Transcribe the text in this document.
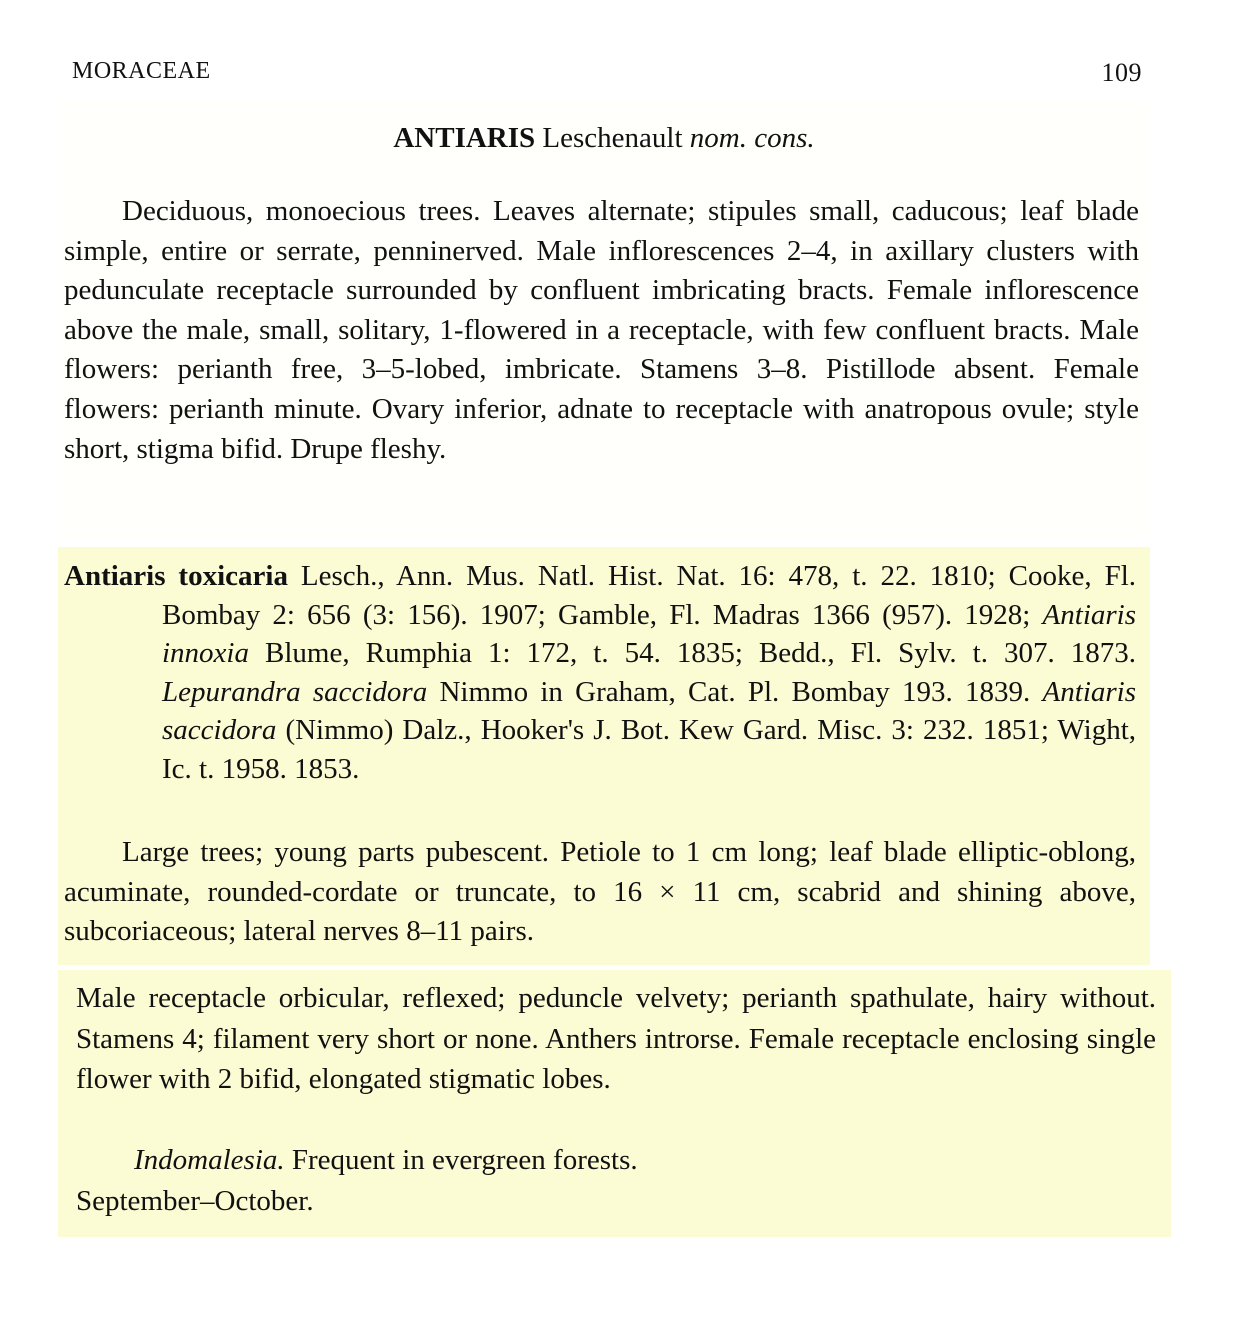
MORACEAE	109
ANTIARIS Leschenault nom. cons.

Deciduous, monoecious trees. Leaves alternate; stipules small, caducous; leaf blade simple, entire or serrate, penninerved. Male inflorescences 2–4, in axillary clusters with pedunculate receptacle surrounded by confluent imbricating bracts. Female inflorescence above the male, small, solitary, 1-flowered in a receptacle, with few confluent bracts. Male flowers: perianth free, 3–5-lobed, imbricate. Stamens 3–8. Pistillode absent. Female flowers: perianth minute. Ovary inferior, adnate to receptacle with anatropous ovule; style short, stigma bifid. Drupe fleshy.

Antiaris toxicaria Lesch., Ann. Mus. Natl. Hist. Nat. 16: 478, t. 22. 1810; Cooke, Fl. Bombay 2: 656 (3: 156). 1907; Gamble, Fl. Madras 1366 (957). 1928; Antiaris innoxia Blume, Rumphia 1: 172, t. 54. 1835; Bedd., Fl. Sylv. t. 307. 1873. Lepurandra saccidora Nimmo in Graham, Cat. Pl. Bombay 193. 1839. Antiaris saccidora (Nimmo) Dalz., Hooker's J. Bot. Kew Gard. Misc. 3: 232. 1851; Wight, Ic. t. 1958. 1853.

Large trees; young parts pubescent. Petiole to 1 cm long; leaf blade elliptic-oblong, acuminate, rounded-cordate or truncate, to 16 × 11 cm, scabrid and shining above, subcoriaceous; lateral nerves 8–11 pairs.

Male receptacle orbicular, reflexed; peduncle velvety; perianth spathulate, hairy without. Stamens 4; filament very short or none. Anthers introrse. Female receptacle enclosing single flower with 2 bifid, elongated stigmatic lobes.

Indomalesia. Frequent in evergreen forests.
September–October.
